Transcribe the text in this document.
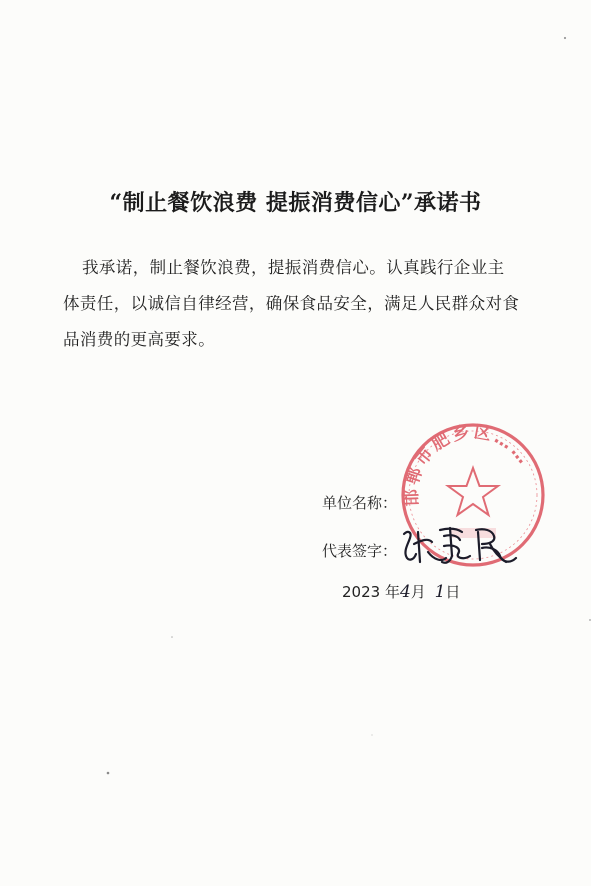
“制止餐饮浪费 提振消费信心”承诺书
我承诺，制止餐饮浪费，提振消费信心。认真践行企业主
体责任，以诚信自律经营，确保食品安全，满足人民群众对食
品消费的更高要求。
单位名称：
代表签字：
2023 年4月 1日
邯郸市肥乡区……
